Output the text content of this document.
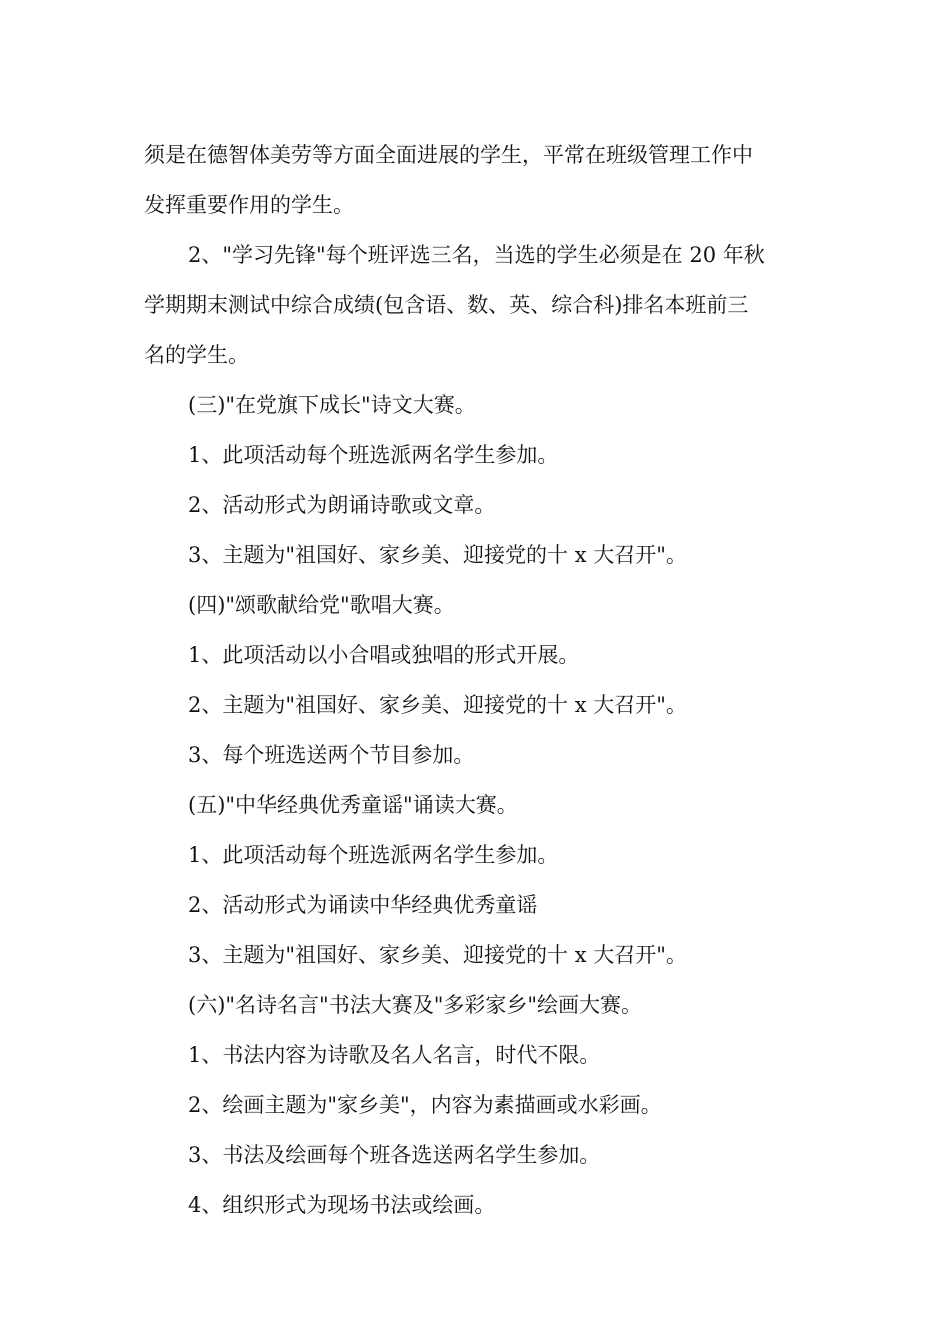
须是在德智体美劳等方面全面进展的学生，平常在班级管理工作中
发挥重要作用的学生。
2、"学习先锋"每个班评选三名，当选的学生必须是在 20 年秋
学期期末测试中综合成绩(包含语、数、英、综合科)排名本班前三
名的学生。
(三)"在党旗下成长"诗文大赛。
1、此项活动每个班选派两名学生参加。
2、活动形式为朗诵诗歌或文章。
3、主题为"祖国好、家乡美、迎接党的十 x 大召开"。
(四)"颂歌献给党"歌唱大赛。
1、此项活动以小合唱或独唱的形式开展。
2、主题为"祖国好、家乡美、迎接党的十 x 大召开"。
3、每个班选送两个节目参加。
(五)"中华经典优秀童谣"诵读大赛。
1、此项活动每个班选派两名学生参加。
2、活动形式为诵读中华经典优秀童谣
3、主题为"祖国好、家乡美、迎接党的十 x 大召开"。
(六)"名诗名言"书法大赛及"多彩家乡"绘画大赛。
1、书法内容为诗歌及名人名言，时代不限。
2、绘画主题为"家乡美"，内容为素描画或水彩画。
3、书法及绘画每个班各选送两名学生参加。
4、组织形式为现场书法或绘画。
